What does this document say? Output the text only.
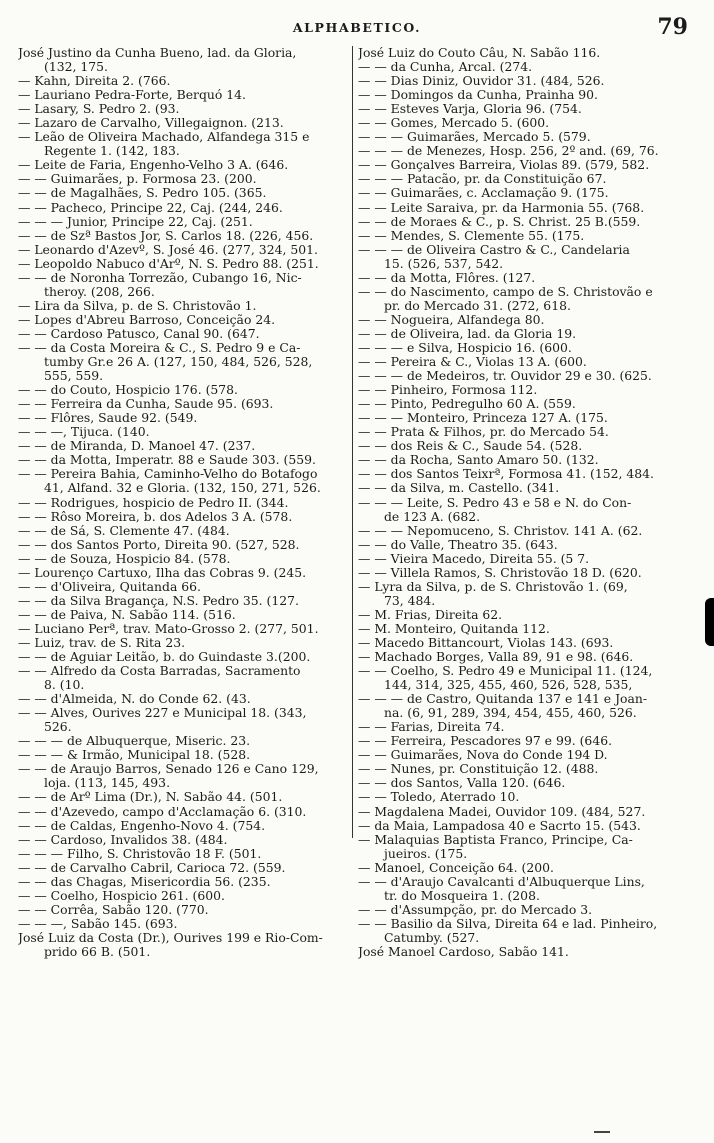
ALPHABETICO.	79
José Justino da Cunha Bueno, lad. da Gloria,
(132, 175.
— Kahn, Direita 2. (766.
— Lauriano Pedra-Forte, Berquó 14.
— Lasary, S. Pedro 2. (93.
— Lazaro de Carvalho, Villegaignon. (213.
— Leão de Oliveira Machado, Alfandega 315 e
Regente 1. (142, 183.
— Leite de Faria, Engenho-Velho 3 A. (646.
— — Guimarães, p. Formosa 23. (200.
— — de Magalhães, S. Pedro 105. (365.
— — Pacheco, Principe 22, Caj. (244, 246.
— — — Junior, Principe 22, Caj. (251.
— — de Szª Bastos Jor, S. Carlos 18. (226, 456.
— Leonardo d'Azevº, S. José 46. (277, 324, 501.
— Leopoldo Nabuco d'Arº, N. S. Pedro 88. (251.
— — de Noronha Torrezão, Cubango 16, Nic-
theroy. (208, 266.
— Lira da Silva, p. de S. Christovão 1.
— Lopes d'Abreu Barroso, Conceição 24.
— — Cardoso Patusco, Canal 90. (647.
— — da Costa Moreira & C., S. Pedro 9 e Ca-
tumby Gr.e 26 A. (127, 150, 484, 526, 528,
555, 559.
— — do Couto, Hospicio 176. (578.
— — Ferreira da Cunha, Saude 95. (693.
— — Flôres, Saude 92. (549.
— — —, Tijuca. (140.
— — de Miranda, D. Manoel 47. (237.
— — da Motta, Imperatr. 88 e Saude 303. (559.
— — Pereira Bahia, Caminho-Velho do Botafogo
41, Alfand. 32 e Gloria. (132, 150, 271, 526.
— — Rodrigues, hospicio de Pedro II. (344.
— — Rôso Moreira, b. dos Adelos 3 A. (578.
— — de Sá, S. Clemente 47. (484.
— — dos Santos Porto, Direita 90. (527, 528.
— — de Souza, Hospicio 84. (578.
— Lourenço Cartuxo, Ilha das Cobras 9. (245.
— — d'Oliveira, Quitanda 66.
— — da Silva Bragança, N.S. Pedro 35. (127.
— — de Paiva, N. Sabão 114. (516.
— Luciano Perª, trav. Mato-Grosso 2. (277, 501.
— Luiz, trav. de S. Rita 23.
— — de Aguiar Leitão, b. do Guindaste 3.(200.
— — Alfredo da Costa Barradas, Sacramento
8. (10.
— — d'Almeida, N. do Conde 62. (43.
— — Alves, Ourives 227 e Municipal 18. (343,
526.
— — — de Albuquerque, Miseric. 23.
— — — & Irmão, Municipal 18. (528.
— — de Araujo Barros, Senado 126 e Cano 129,
loja. (113, 145, 493.
— — de Arº Lima (Dr.), N. Sabão 44. (501.
— — d'Azevedo, campo d'Acclamação 6. (310.
— — de Caldas, Engenho-Novo 4. (754.
— — Cardoso, Invalidos 38. (484.
— — — Filho, S. Christovão 18 F. (501.
— — de Carvalho Cabril, Carioca 72. (559.
— — das Chagas, Misericordia 56. (235.
— — Coelho, Hospicio 261. (600.
— — Corrêa, Sabão 120. (770.
— — —, Sabão 145. (693.
José Luiz da Costa (Dr.), Ourives 199 e Rio-Com-
prido 66 B. (501.
José Luiz do Couto Câu, N. Sabão 116.
— — da Cunha, Arcal. (274.
— — Dias Diniz, Ouvidor 31. (484, 526.
— — Domingos da Cunha, Prainha 90.
— — Esteves Varja, Gloria 96. (754.
— — Gomes, Mercado 5. (600.
— — — Guimarães, Mercado 5. (579.
— — — de Menezes, Hosp. 256, 2º and. (69, 76.
— — Gonçalves Barreira, Violas 89. (579, 582.
— — — Patacão, pr. da Constituição 67.
— — Guimarães, c. Acclamação 9. (175.
— — Leite Saraiva, pr. da Harmonia 55. (768.
— — de Moraes & C., p. S. Christ. 25 B.(559.
— — Mendes, S. Clemente 55. (175.
— — — de Oliveira Castro & C., Candelaria
15. (526, 537, 542.
— — da Motta, Flôres. (127.
— — do Nascimento, campo de S. Christovão e
pr. do Mercado 31. (272, 618.
— — Nogueira, Alfandega 80.
— — de Oliveira, lad. da Gloria 19.
— — — e Silva, Hospicio 16. (600.
— — Pereira & C., Violas 13 A. (600.
— — — de Medeiros, tr. Ouvidor 29 e 30. (625.
— — Pinheiro, Formosa 112.
— — Pinto, Pedregulho 60 A. (559.
— — — Monteiro, Princeza 127 A. (175.
— — Prata & Filhos, pr. do Mercado 54.
— — dos Reis & C., Saude 54. (528.
— — da Rocha, Santo Amaro 50. (132.
— — dos Santos Teixrª, Formosa 41. (152, 484.
— — da Silva, m. Castello. (341.
— — — Leite, S. Pedro 43 e 58 e N. do Con-
de 123 A. (682.
— — — Nepomuceno, S. Christov. 141 A. (62.
— — do Valle, Theatro 35. (643.
— — Vieira Macedo, Direita 55. (5 7.
— — Villela Ramos, S. Christovão 18 D. (620.
— Lyra da Silva, p. de S. Christovão 1. (69,
73, 484.
— M. Frias, Direita 62.
— M. Monteiro, Quitanda 112.
— Macedo Bittancourt, Violas 143. (693.
— Machado Borges, Valla 89, 91 e 98. (646.
— — Coelho, S. Pedro 49 e Municipal 11. (124,
144, 314, 325, 455, 460, 526, 528, 535,
— — — de Castro, Quitanda 137 e 141 e Joan-
na. (6, 91, 289, 394, 454, 455, 460, 526.
— — Farias, Direita 74.
— — Ferreira, Pescadores 97 e 99. (646.
— — Guimarães, Nova do Conde 194 D.
— — Nunes, pr. Constituição 12. (488.
— — dos Santos, Valla 120. (646.
— — Toledo, Aterrado 10.
— Magdalena Madei, Ouvidor 109. (484, 527.
— da Maia, Lampadosa 40 e Sacrto 15. (543.
— Malaquias Baptista Franco, Principe, Ca-
jueiros. (175.
— Manoel, Conceição 64. (200.
— — d'Araujo Cavalcanti d'Albuquerque Lins,
tr. do Mosqueira 1. (208.
— — d'Assumpção, pr. do Mercado 3.
— — Basilio da Silva, Direita 64 e lad. Pinheiro,
Catumby. (527.
José Manoel Cardoso, Sabão 141.
